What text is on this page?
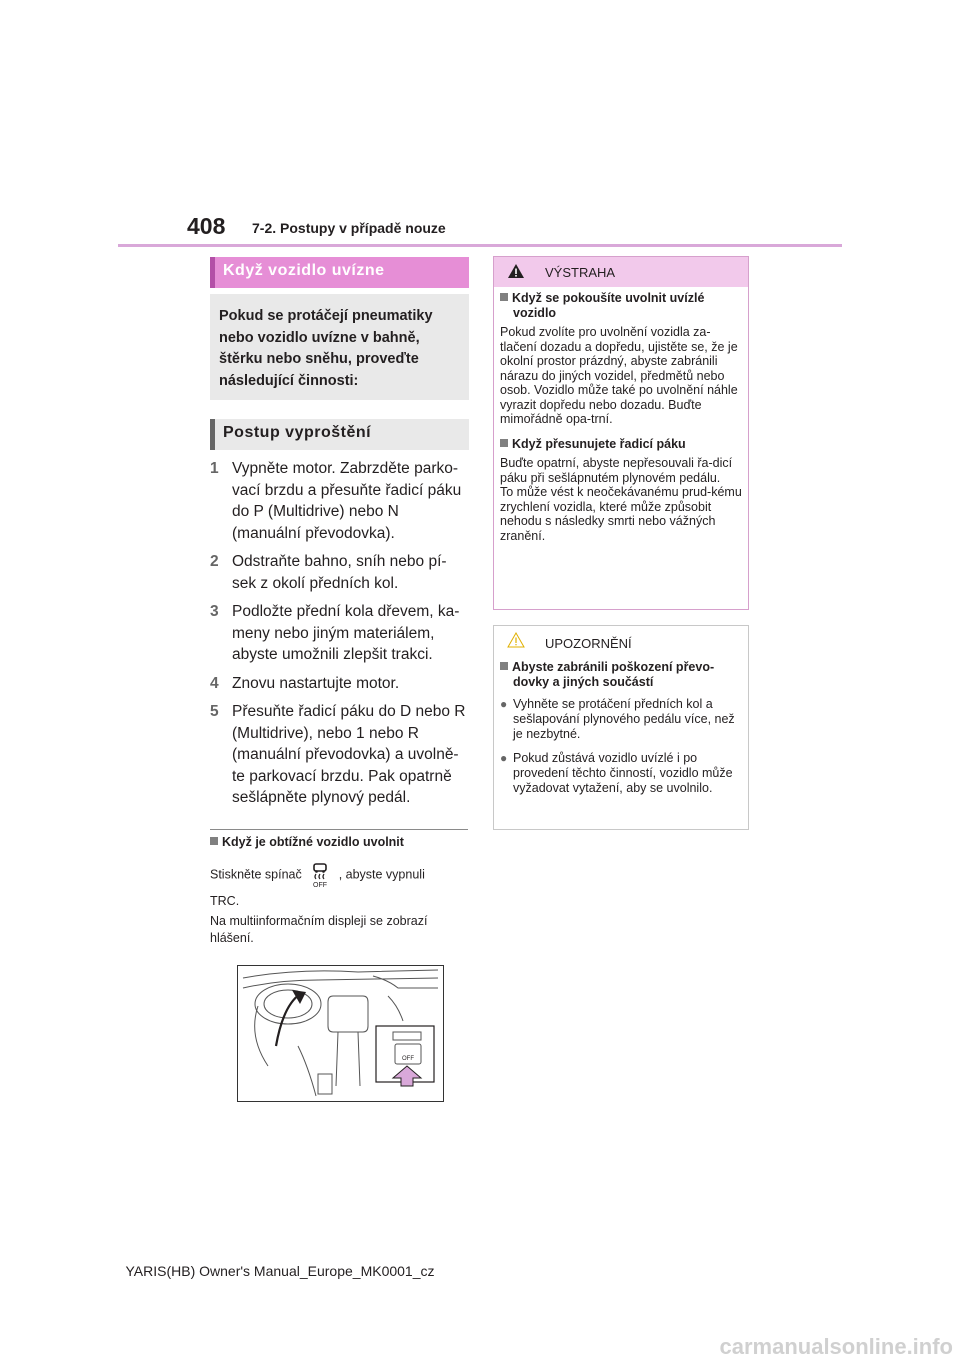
408 7-2. Postupy v případě nouze
Když vozidlo uvízne
Pokud se protáčejí pneumatiky nebo vozidlo uvízne v bahně, štěrku nebo sněhu, proveďte následující činnosti:
Postup vyproštění
1 Vypněte motor. Zabrzděte parko-vací brzdu a přesuňte řadicí páku do P (Multidrive) nebo N (manuální převodovka).
2 Odstraňte bahno, sníh nebo pí-sek z okolí předních kol.
3 Podložte přední kola dřevem, ka-meny nebo jiným materiálem, abyste umožnili zlepšit trakci.
4 Znovu nastartujte motor.
5 Přesuňte řadicí páku do D nebo R (Multidrive), nebo 1 nebo R (manuální převodovka) a uvolně-te parkovací brzdu. Pak opatrně sešlápněte plynový pedál.
Když je obtížné vozidlo uvolnit
Stiskněte spínač
OFF
, abyste vypnuli
TRC.
Na multiinformačním displeji se zobrazí hlášení.
OFF
VÝSTRAHA
Když se pokoušíte uvolnit uvízlé vozidlo
Pokud zvolíte pro uvolnění vozidla za-tlačení dozadu a dopředu, ujistěte se, že je okolní prostor prázdný, abyste zabránili nárazu do jiných vozidel, předmětů nebo osob. Vozidlo může také po uvolnění náhle vyrazit dopředu nebo dozadu. Buďte mimořádně opa-trní.
Když přesunujete řadicí páku
Buďte opatrní, abyste nepřesouvali řa-dicí páku při sešlápnutém plynovém pedálu.
To může vést k neočekávanému prud-kému zrychlení vozidla, které může způsobit nehodu s následky smrti nebo vážných zranění.
UPOZORNĚNÍ
Abyste zabránili poškození převo-dovky a jiných součástí
● Vyhněte se protáčení předních kol a sešlapování plynového pedálu více, než je nezbytné.
● Pokud zůstává vozidlo uvízlé i po provedení těchto činností, vozidlo může vyžadovat vytažení, aby se uvolnilo.
YARIS(HB) Owner's Manual_Europe_MK0001_cz
carmanualsonline.info
